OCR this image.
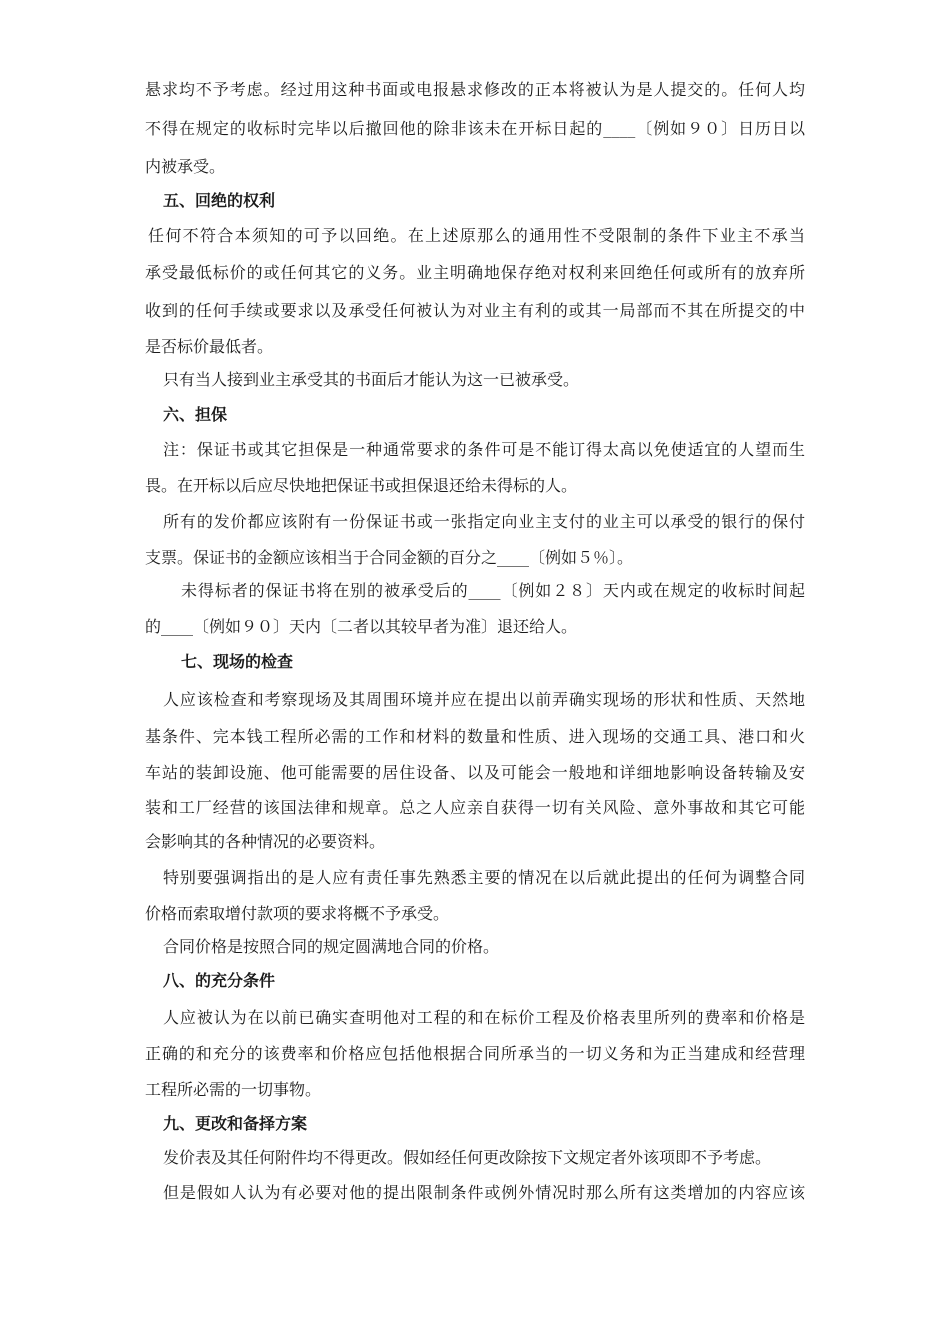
悬求均不予考虑。经过用这种书面或电报悬求修改的正本将被认为是人提交的。任何人均
不得在规定的收标时完毕以后撤回他的除非该未在开标日起的____〔例如９０〕日历日以
内被承受。
五、回绝的权利
任何不符合本须知的可予以回绝。在上述原那么的通用性不受限制的条件下业主不承当
承受最低标价的或任何其它的义务。业主明确地保存绝对权利来回绝任何或所有的放弃所
收到的任何手续或要求以及承受任何被认为对业主有利的或其一局部而不其在所提交的中
是否标价最低者。
只有当人接到业主承受其的书面后才能认为这一已被承受。
六、担保
注：保证书或其它担保是一种通常要求的条件可是不能订得太高以免使适宜的人望而生
畏。在开标以后应尽快地把保证书或担保退还给未得标的人。
所有的发价都应该附有一份保证书或一张指定向业主支付的业主可以承受的银行的保付
支票。保证书的金额应该相当于合同金额的百分之____〔例如５％〕。
未得标者的保证书将在别的被承受后的____〔例如２８〕天内或在规定的收标时间起
的____〔例如９０〕天内〔二者以其较早者为准〕退还给人。
七、现场的检查
人应该检查和考察现场及其周围环境并应在提出以前弄确实现场的形状和性质、天然地
基条件、完本钱工程所必需的工作和材料的数量和性质、进入现场的交通工具、港口和火
车站的装卸设施、他可能需要的居住设备、以及可能会一般地和详细地影响设备转输及安
装和工厂经营的该国法律和规章。总之人应亲自获得一切有关风险、意外事故和其它可能
会影响其的各种情况的必要资料。
特别要强调指出的是人应有责任事先熟悉主要的情况在以后就此提出的任何为调整合同
价格而索取增付款项的要求将概不予承受。
合同价格是按照合同的规定圆满地合同的价格。
八、的充分条件
人应被认为在以前已确实查明他对工程的和在标价工程及价格表里所列的费率和价格是
正确的和充分的该费率和价格应包括他根据合同所承当的一切义务和为正当建成和经营理
工程所必需的一切事物。
九、更改和备择方案
发价表及其任何附件均不得更改。假如经任何更改除按下文规定者外该项即不予考虑。
但是假如人认为有必要对他的提出限制条件或例外情况时那么所有这类增加的内容应该
